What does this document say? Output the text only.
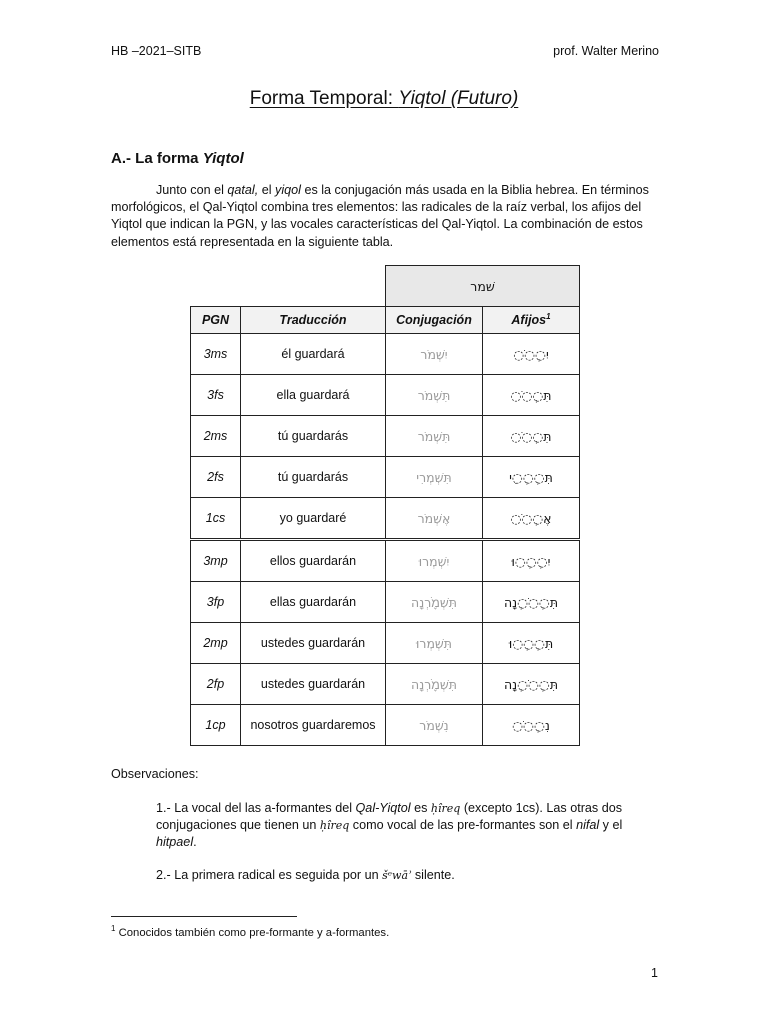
HB –2021–SITB	prof. Walter Merino
Forma Temporal: Yiqtol (Futuro)
A.- La forma Yiqtol
Junto con el qatal, el yiqol es la conjugación más usada en la Biblia hebrea. En términos morfológicos, el Qal-Yiqtol combina tres elementos: las radicales de la raíz verbal, los afijos del Yiqtol que indican la PGN, y las vocales características del Qal-Yiqtol. La combinación de estos elementos está representada en la siguiente tabla.
		שׁמר	
PGN	Traducción	Conjugación	Afijos$^1$
3ms	él guardará	יִשְׁמֹר	יִ◌ְ◌ֹ◌
3fs	ella guardará	תִּשְׁמֹר	תִּ◌ְ◌ֹ◌
2ms	tú guardarás	תִּשְׁמֹר	תִּ◌ְ◌ֹ◌
2fs	tú guardarás	תִּשְׁמְרִי	תִּ◌ְ◌ְ◌ִי
1cs	yo guardaré	אֶשְׁמֹר	אֶ◌ְ◌ֹ◌
3mp	ellos guardarán	יִשְׁמְרוּ	יִ◌ְ◌ְ◌וּ
3fp	ellas guardarán	תִּשְׁמֹ֢רְנָה	תִּ◌ְ◌ֹ◌ְנָה
2mp	ustedes guardarán	תִּשְׁמְרוּ	תִּ◌ְ◌ְ◌וּ
2fp	ustedes guardarán	תִּשְׁמֹ֢רְנָה	תִּ◌ְ◌ֹ◌ְנָה
1cp	nosotros guardaremos	נִשְׁמֹר	נִ◌ְ◌ֹ◌
Observaciones:
1.- La vocal del las a-formantes del Qal-Yiqtol es ḥîreq (excepto 1cs). Las otras dos conjugaciones que tienen un ḥîreq como vocal de las pre-formantes son el nifal y el hitpael.
2.- La primera radical es seguida por un šᵉwāʾ silente.
$^1$ Conocidos también como pre-formante y a-formantes.
1
